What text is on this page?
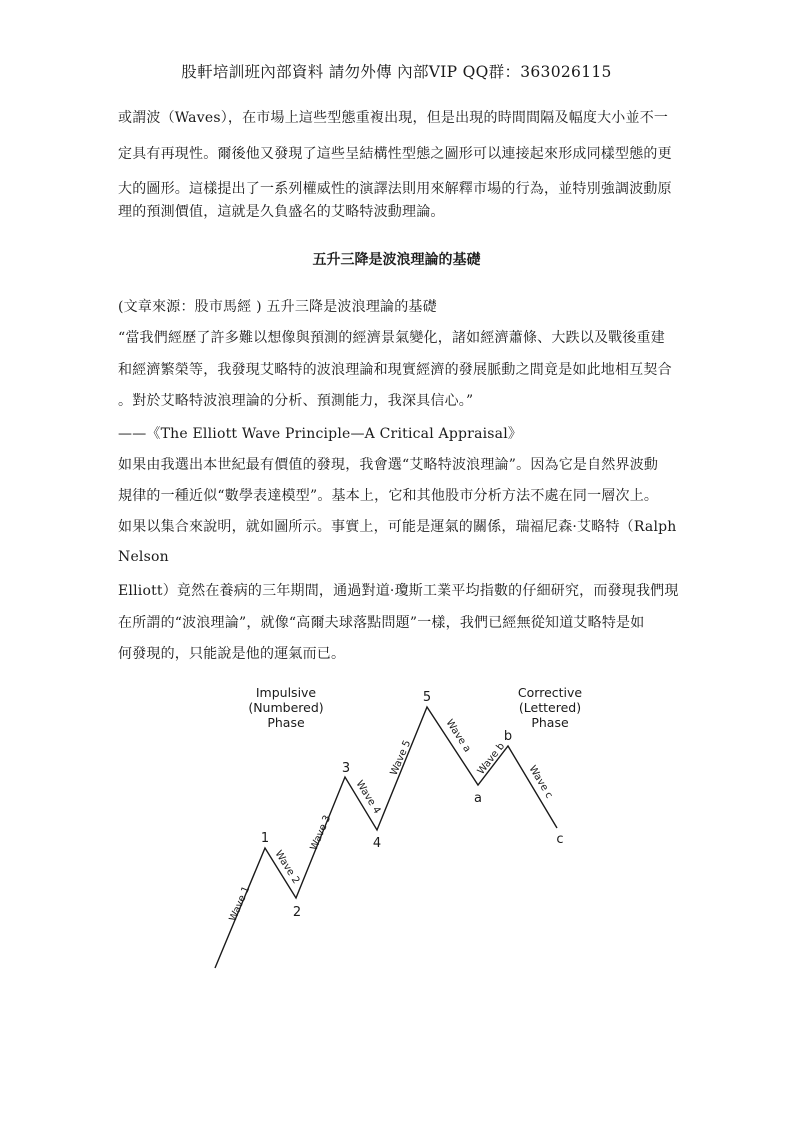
股軒培訓班內部資料 請勿外傳 內部VIP QQ群：363026115
或謂波（Waves），在市場上這些型態重複出現，但是出現的時間間隔及幅度大小並不一
定具有再現性。爾後他又發現了這些呈結構性型態之圖形可以連接起來形成同樣型態的更
大的圖形。這樣提出了一系列權威性的演譯法則用來解釋市場的行為，並特別強調波動原
理的預測價值，這就是久負盛名的艾略特波動理論。
五升三降是波浪理論的基礎
(文章來源：股市馬經 ) 五升三降是波浪理論的基礎
“當我們經歷了許多難以想像與預測的經濟景氣變化，諸如經濟蕭條、大跌以及戰後重建
和經濟繁榮等，我發現艾略特的波浪理論和現實經濟的發展脈動之間竟是如此地相互契合
。對於艾略特波浪理論的分析、預測能力，我深具信心。”
——《The Elliott Wave Principle—A Critical Appraisal》
如果由我選出本世紀最有價值的發現，我會選“艾略特波浪理論”。因為它是自然界波動
規律的一種近似“數學表達模型”。基本上，它和其他股市分析方法不處在同一層次上。
如果以集合來說明，就如圖所示。事實上，可能是運氣的關係，瑞福尼森·艾略特（Ralph
Nelson
Elliott）竟然在養病的三年期間，通過對道·瓊斯工業平均指數的仔細研究，而發現我們現
在所謂的“波浪理論”，就像“高爾夫球落點問題”一樣，我們已經無從知道艾略特是如
何發現的，只能說是他的運氣而已。
Impulsive
(Numbered)
Phase
Corrective
(Lettered)
Phase
1
2
3
4
5
a
b
c
Wave 1
Wave 2
Wave 3
Wave 4
Wave 5
Wave a
Wave b
Wave c
